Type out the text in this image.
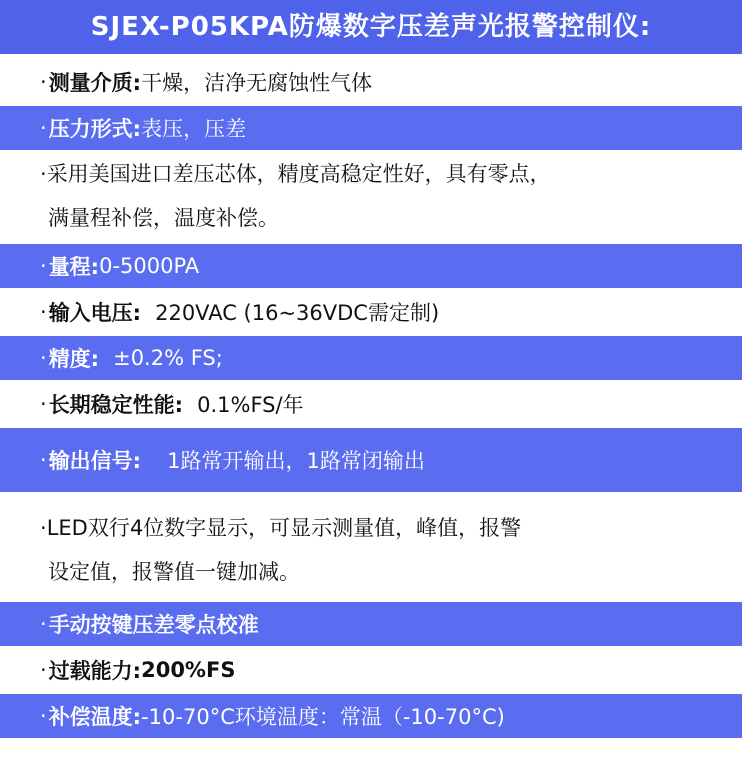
SJEX-P05KPA防爆数字压差声光报警控制仪:
· 测量介质: 干燥，洁净无腐蚀性气体
· 压力形式: 表压，压差
·采用美国进口差压芯体，精度高稳定性好，具有零点，
满量程补偿，温度补偿。
· 量程: 0-5000PA
· 输入电压: 220VAC (16~36VDC需定制)
· 精度: ±0.2% FS;
· 长期稳定性能: 0.1%FS/年
· 输出信号: 1路常开输出，1路常闭输出
·LED双行4位数字显示，可显示测量值，峰值，报警
设定值，报警值一键加减。
· 手动按键压差零点校准
· 过载能力: 200%FS
· 补偿温度: -10-70°C环境温度：常温（-10-70°C)
